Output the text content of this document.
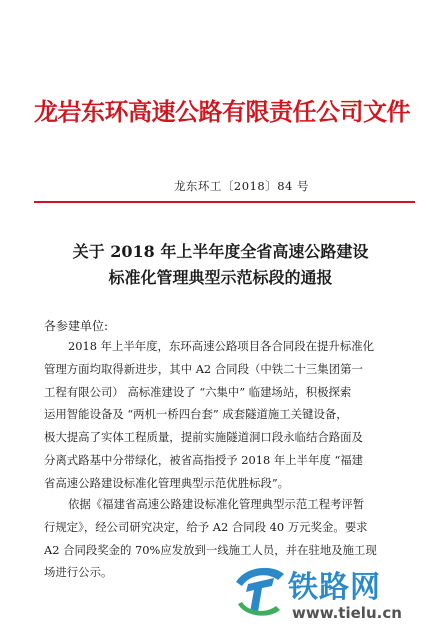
龙岩东环高速公路有限责任公司文件
龙东环工〔2018〕84 号
关于 2018 年上半年度全省高速公路建设
标准化管理典型示范标段的通报
各参建单位:

2018 年上半年度，东环高速公路项目各合同段在提升标准化
管理方面均取得新进步，其中 A2 合同段（中铁二十三集团第一
工程有限公司） 高标准建设了 “六集中” 临建场站，积极探索
运用智能设备及 “两机一桥四台套” 成套隧道施工关键设备，
极大提高了实体工程质量，提前实施隧道洞口段永临结合路面及
分离式路基中分带绿化，被省高指授予 2018 年上半年度 “福建
省高速公路建设标准化管理典型示范优胜标段”。

依据《福建省高速公路建设标准化管理典型示范工程考评暂
行规定》，经公司研究决定，给予 A2 合同段 40 万元奖金。要求
A2 合同段奖金的 70%应发放到一线施工人员，并在驻地及施工现
场进行公示。	铁路网
www.tielu.cn
